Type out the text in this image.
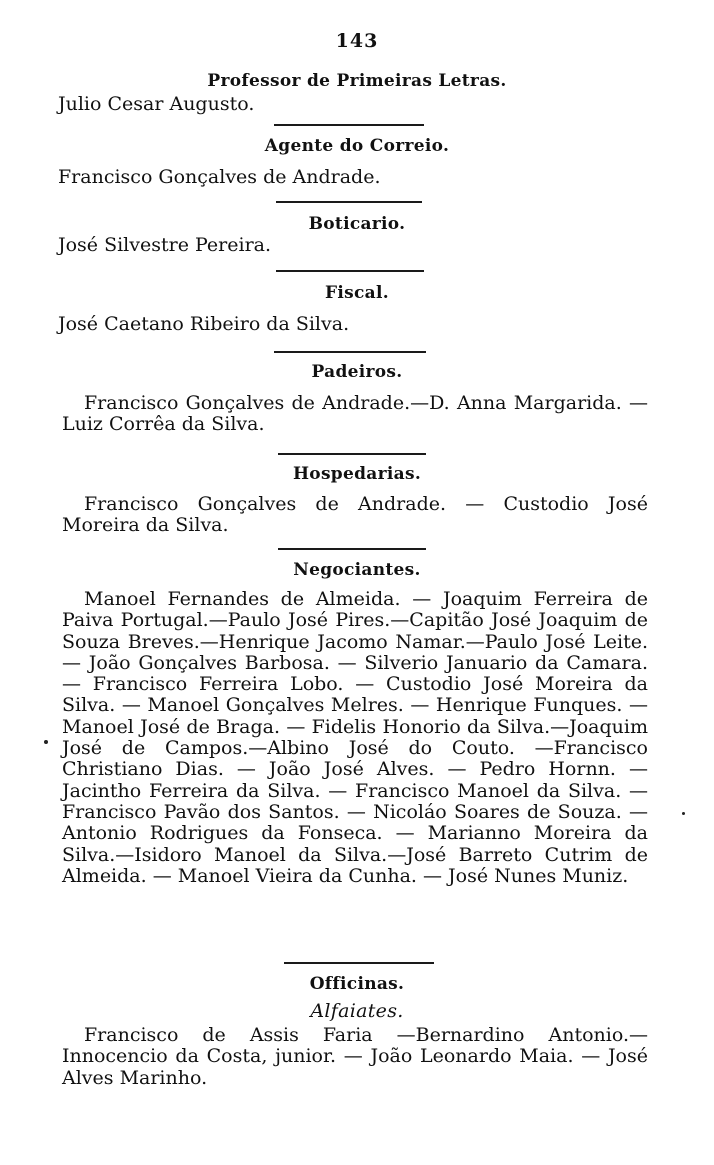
143
Professor de Primeiras Letras.
Julio Cesar Augusto.
Agente do Correio.
Francisco Gonçalves de Andrade.
Boticario.
José Silvestre Pereira.
Fiscal.
José Caetano Ribeiro da Silva.
Padeiros.
Francisco Gonçalves de Andrade.—D. Anna Margarida. —Luiz Corrêa da Silva.
Hospedarias.
Francisco Gonçalves de Andrade. — Custodio José Moreira da Silva.
Negociantes.
Manoel Fernandes de Almeida. — Joaquim Ferreira de Paiva Portugal.—Paulo José Pires.—Capitão José Joaquim de Souza Breves.—Henrique Jacomo Namar.—Paulo José Leite. — João Gonçalves Barbosa. — Silverio Januario da Camara. — Francisco Ferreira Lobo. — Custodio José Moreira da Silva. — Manoel Gonçalves Melres. — Henrique Funques. — Manoel José de Braga. — Fidelis Honorio da Silva.—Joaquim José de Campos.—Albino José do Couto. —Francisco Christiano Dias. — João José Alves. — Pedro Hornn. — Jacintho Ferreira da Silva. — Francisco Manoel da Silva. — Francisco Pavão dos Santos. — Nicoláo Soares de Souza. — Antonio Rodrigues da Fonseca. — Marianno Moreira da Silva.—Isidoro Manoel da Silva.—José Barreto Cutrim de Almeida. — Manoel Vieira da Cunha. — José Nunes Muniz.
Officinas.
Alfaiates.
Francisco de Assis Faria —Bernardino Antonio.—Innocencio da Costa, junior. — João Leonardo Maia. — José Alves Marinho.
